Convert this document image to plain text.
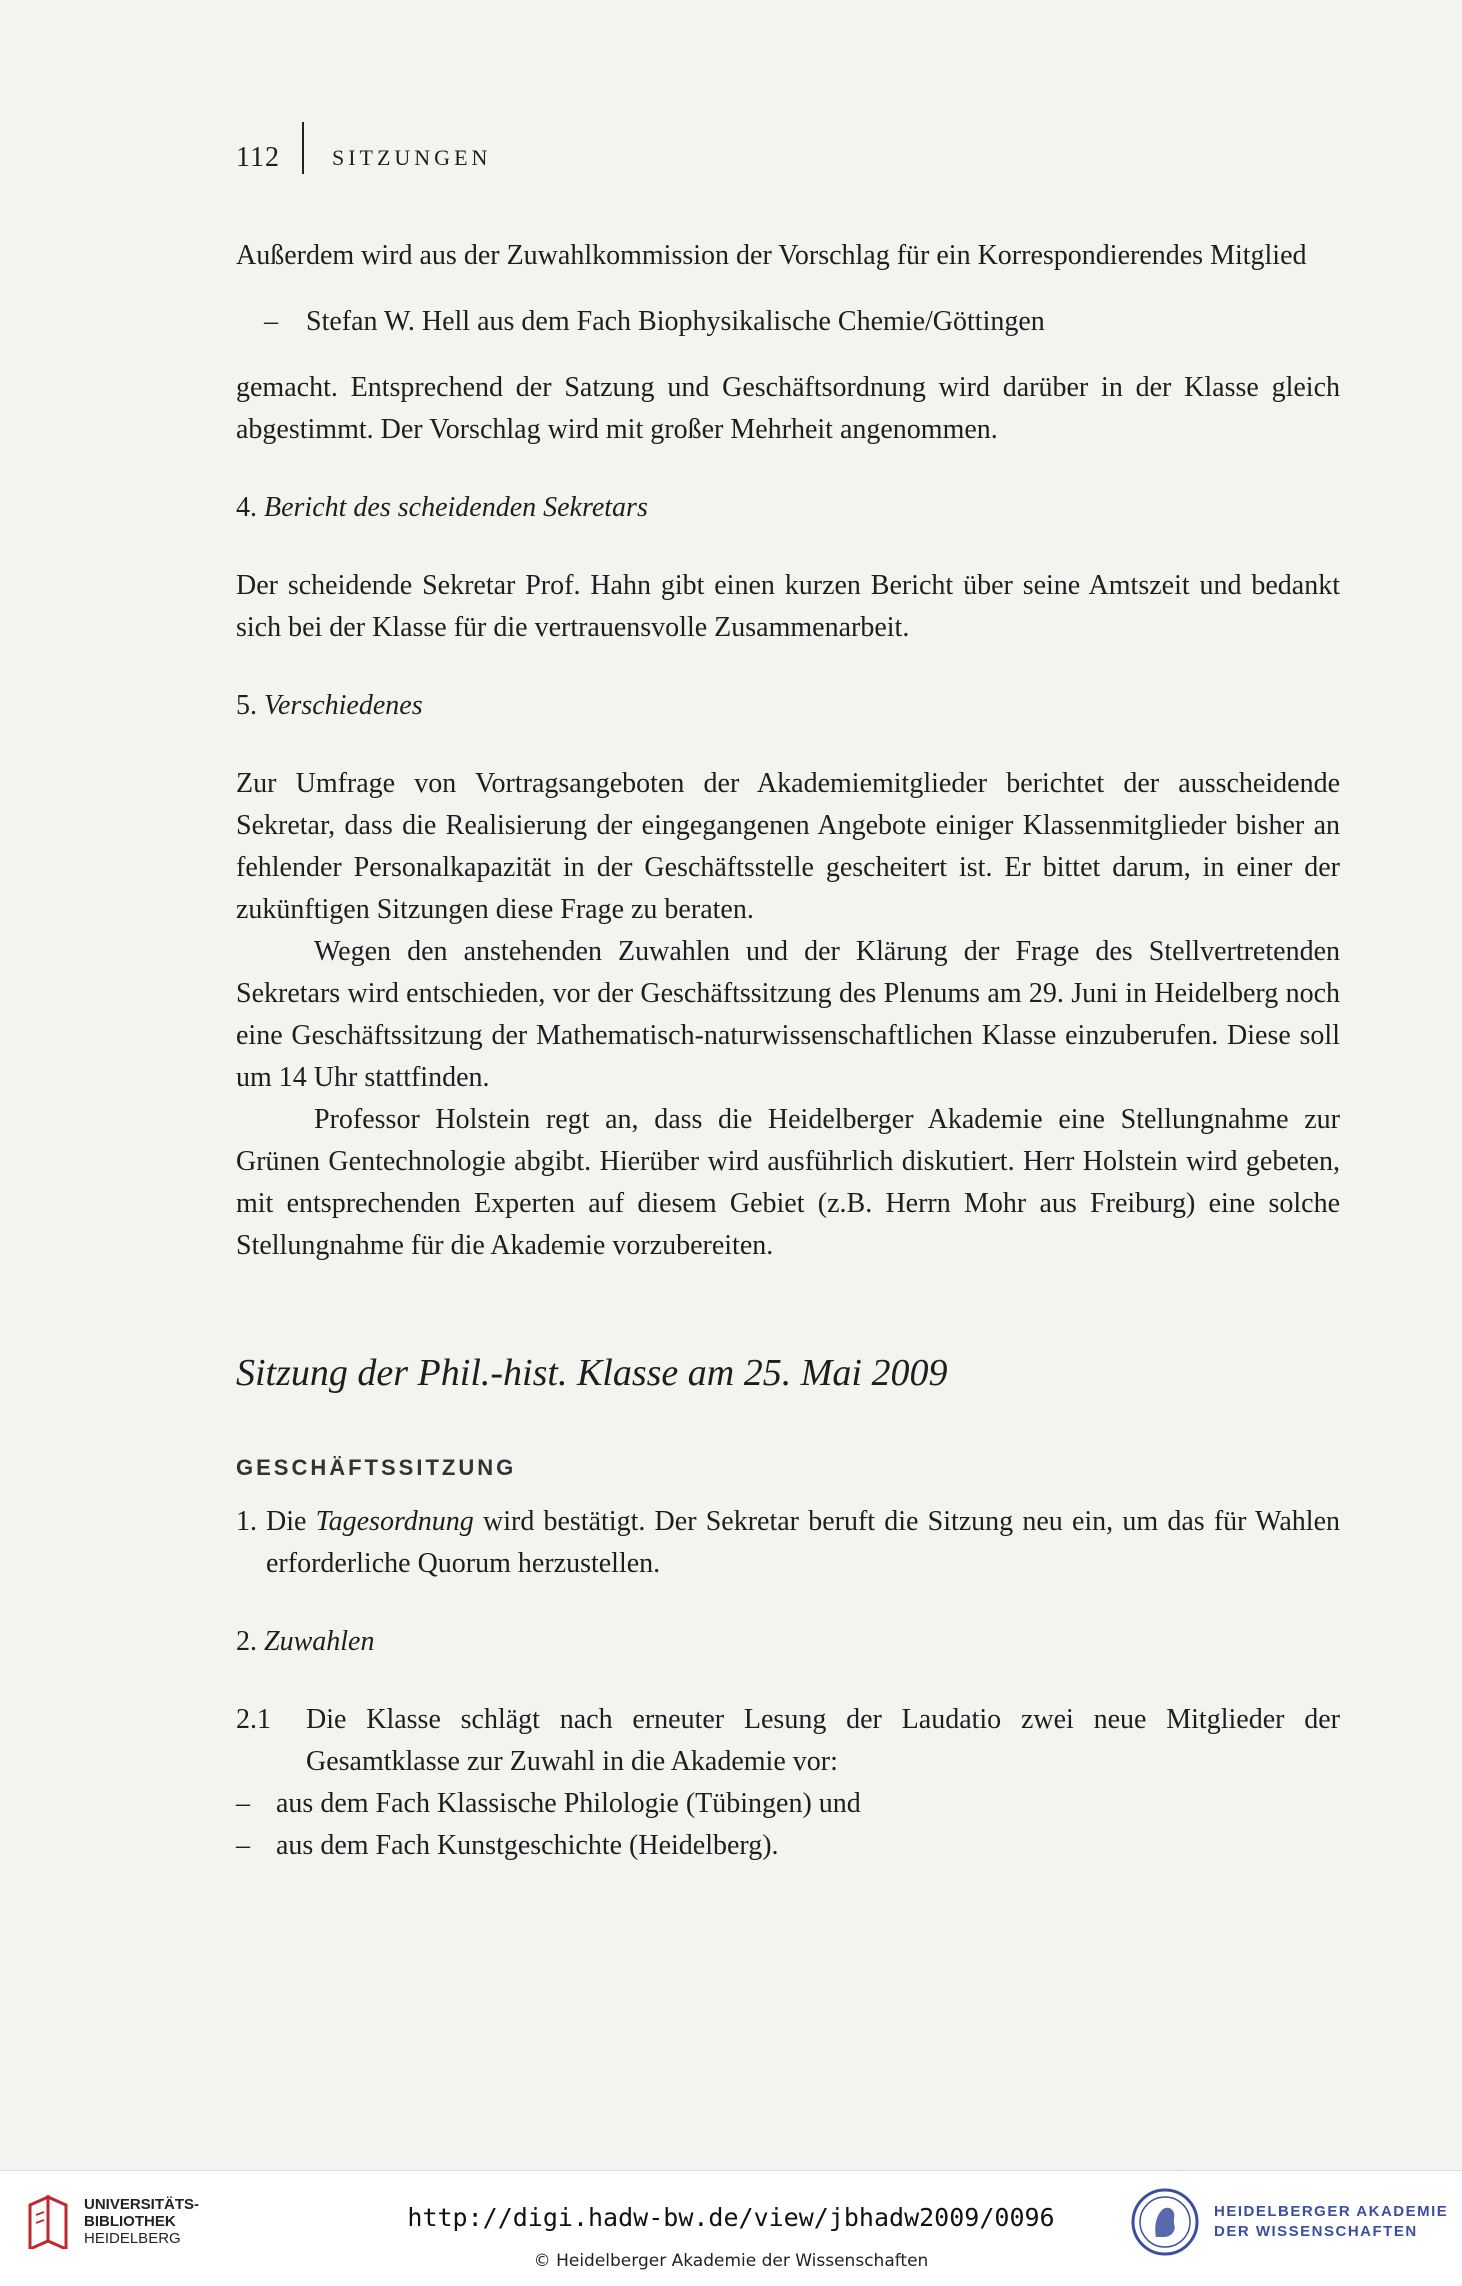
112 SITZUNGEN

Außerdem wird aus der Zuwahlkommission der Vorschlag für ein Korrespondierendes Mitglied

–	Stefan W. Hell aus dem Fach Biophysikalische Chemie/Göttingen

gemacht. Entsprechend der Satzung und Geschäftsordnung wird darüber in der Klasse gleich abgestimmt. Der Vorschlag wird mit großer Mehrheit angenommen.

4. Bericht des scheidenden Sekretars

Der scheidende Sekretar Prof. Hahn gibt einen kurzen Bericht über seine Amtszeit und bedankt sich bei der Klasse für die vertrauensvolle Zusammenarbeit.

5. Verschiedenes

Zur Umfrage von Vortragsangeboten der Akademiemitglieder berichtet der ausscheidende Sekretar, dass die Realisierung der eingegangenen Angebote einiger Klassenmitglieder bisher an fehlender Personalkapazität in der Geschäftsstelle gescheitert ist. Er bittet darum, in einer der zukünftigen Sitzungen diese Frage zu beraten.

Wegen den anstehenden Zuwahlen und der Klärung der Frage des Stellvertretenden Sekretars wird entschieden, vor der Geschäftssitzung des Plenums am 29. Juni in Heidelberg noch eine Geschäftssitzung der Mathematisch-naturwissenschaftlichen Klasse einzuberufen. Diese soll um 14 Uhr stattfinden.

Professor Holstein regt an, dass die Heidelberger Akademie eine Stellungnahme zur Grünen Gentechnologie abgibt. Hierüber wird ausführlich diskutiert. Herr Holstein wird gebeten, mit entsprechenden Experten auf diesem Gebiet (z.B. Herrn Mohr aus Freiburg) eine solche Stellungnahme für die Akademie vorzubereiten.

Sitzung der Phil.-hist. Klasse am 25. Mai 2009
GESCHÄFTSSITZUNG
1. Die Tagesordnung wird bestätigt. Der Sekretar beruft die Sitzung neu ein, um das für Wahlen erforderliche Quorum herzustellen.
2. Zuwahlen
2.1	Die Klasse schlägt nach erneuter Lesung der Laudatio zwei neue Mitglieder der Gesamtklasse zur Zuwahl in die Akademie vor:
– aus dem Fach Klassische Philologie (Tübingen) und
– aus dem Fach Kunstgeschichte (Heidelberg).
UNIVERSITÄTS-
BIBLIOTHEK
HEIDELBERG
http://digi.hadw-bw.de/view/jbhadw2009/0096
© Heidelberger Akademie der Wissenschaften
HEIDELBERGER AKADEMIE
DER WISSENSCHAFTEN
